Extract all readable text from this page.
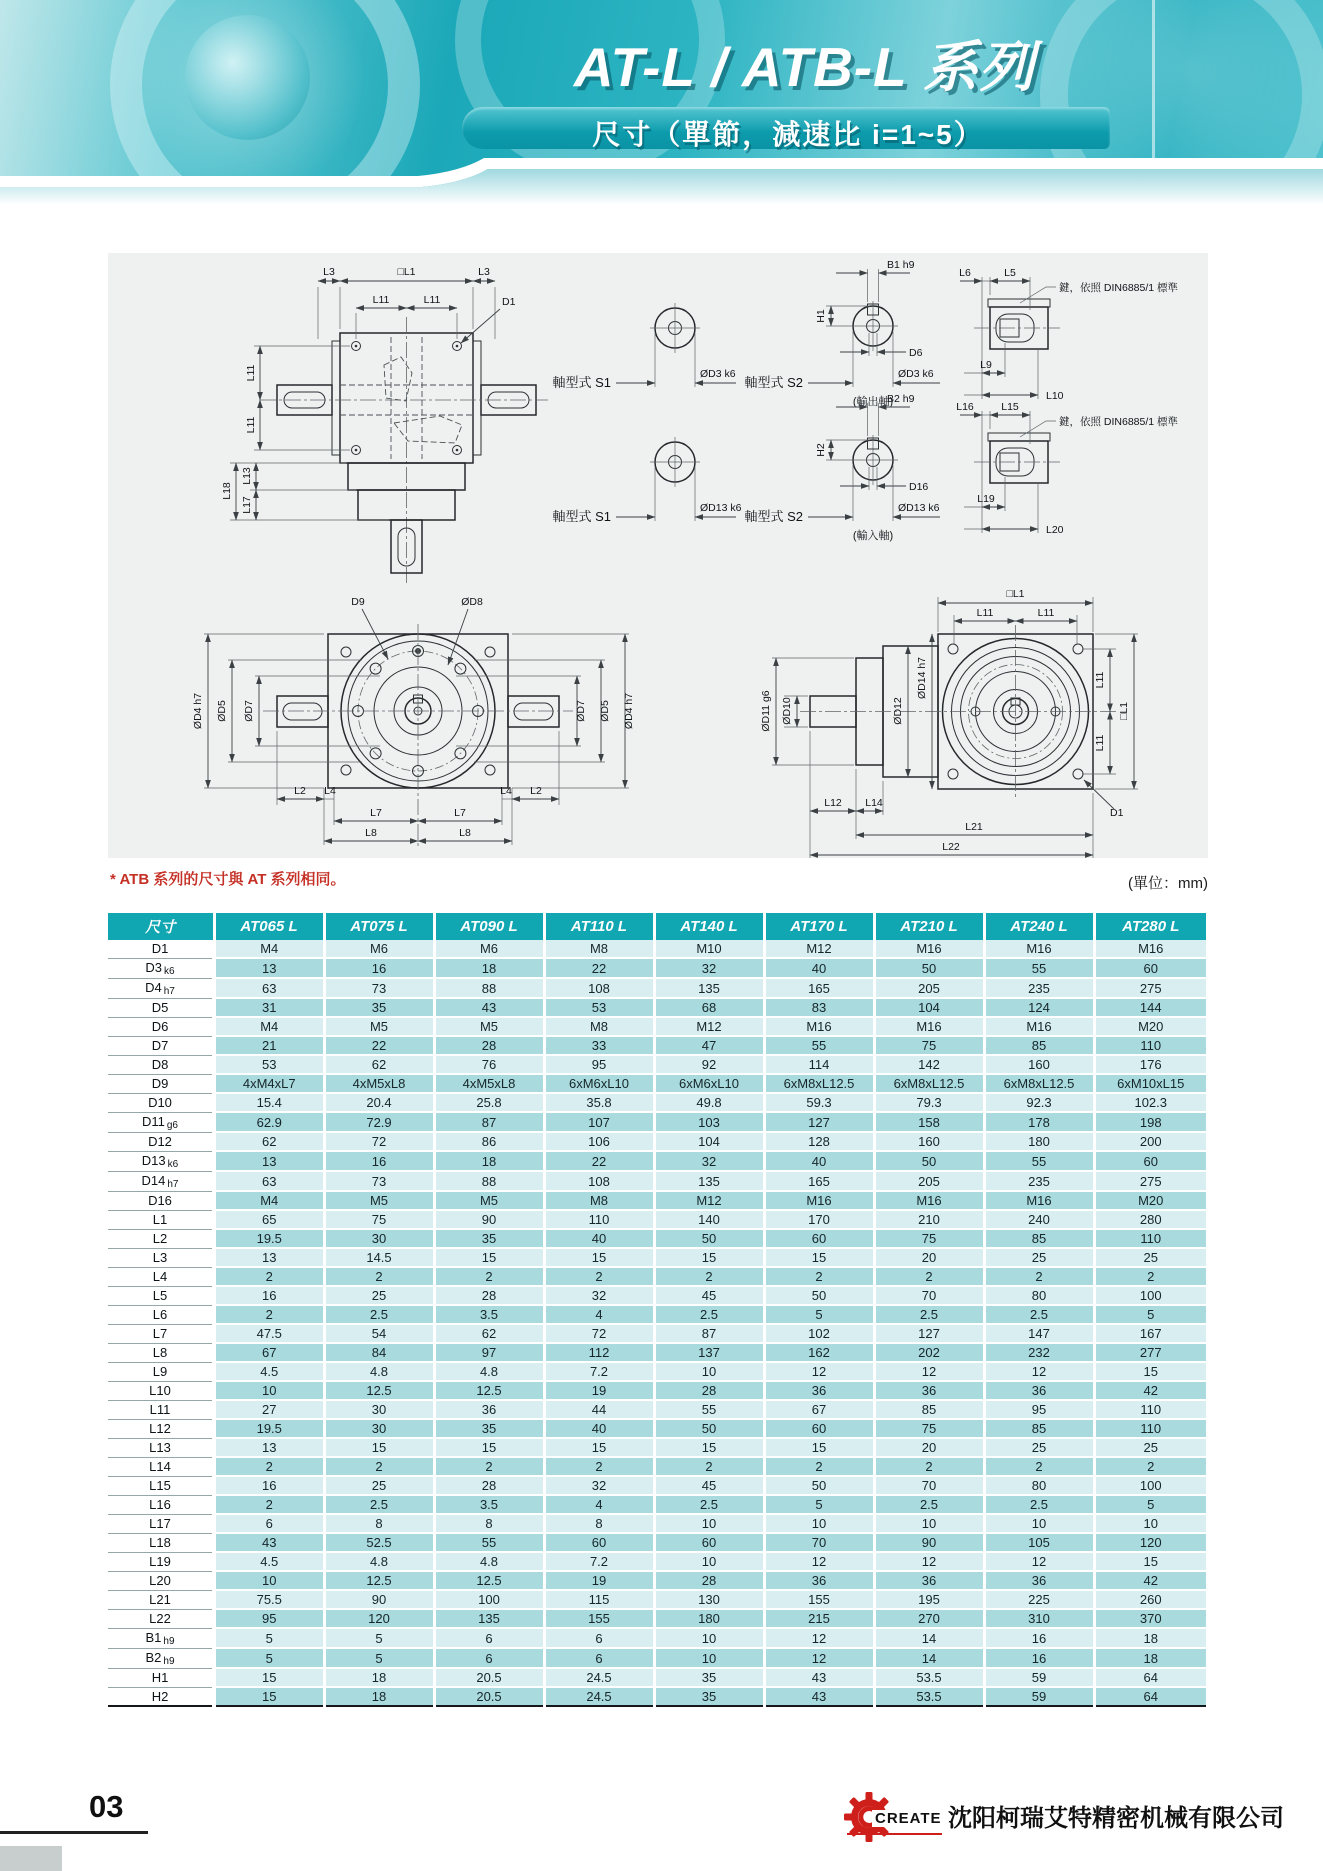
AT-L / ATB-L 系列
尺寸（單節，減速比 i=1~5）
L3	□L1	L3
L11	L11	D1
L11
L11
L18
L13
L17
軸型式 S1
ØD3 k6
B1 h9
H1
D6
軸型式 S2
ØD3 k6
(輸出軸)
L6	L5
鍵，依照 DIN6885/1 標準
L9
L10
軸型式 S1
ØD13 k6
B2 h9
H2
D16
軸型式 S2
ØD13 k6
(輸入軸)
L16	L15
鍵，依照 DIN6885/1 標準
L19
L20
D9	ØD8
ØD4 h7 ØD5 ØD7	ØD7 ØD5 ØD4 h7
L2 L4	L4 L2
L7	L7
L8	L8
□L1
L11	L11
ØD14 h7
ØD11 g6 ØD10	ØD12
L11
L11
□L1
D1
L12 L14
L21
L22
* ATB 系列的尺寸與 AT 系列相同。	(單位：mm)
尺寸	AT065 L	AT075 L	AT090 L	AT110 L	AT140 L	AT170 L	AT210 L	AT240 L	AT280 L
D1	M4	M6	M6	M8	M10	M12	M16	M16	M16
D3 k6	13	16	18	22	32	40	50	55	60
D4 h7	63	73	88	108	135	165	205	235	275
D5	31	35	43	53	68	83	104	124	144
D6	M4	M5	M5	M8	M12	M16	M16	M16	M20
D7	21	22	28	33	47	55	75	85	110
D8	53	62	76	95	92	114	142	160	176
D9	4xM4xL7	4xM5xL8	4xM5xL8	6xM6xL10	6xM6xL10	6xM8xL12.5	6xM8xL12.5	6xM8xL12.5	6xM10xL15
D10	15.4	20.4	25.8	35.8	49.8	59.3	79.3	92.3	102.3
D11 g6	62.9	72.9	87	107	103	127	158	178	198
D12	62	72	86	106	104	128	160	180	200
D13 k6	13	16	18	22	32	40	50	55	60
D14 h7	63	73	88	108	135	165	205	235	275
D16	M4	M5	M5	M8	M12	M16	M16	M16	M20
L1	65	75	90	110	140	170	210	240	280
L2	19.5	30	35	40	50	60	75	85	110
L3	13	14.5	15	15	15	15	20	25	25
L4	2	2	2	2	2	2	2	2	2
L5	16	25	28	32	45	50	70	80	100
L6	2	2.5	3.5	4	2.5	5	2.5	2.5	5
L7	47.5	54	62	72	87	102	127	147	167
L8	67	84	97	112	137	162	202	232	277
L9	4.5	4.8	4.8	7.2	10	12	12	12	15
L10	10	12.5	12.5	19	28	36	36	36	42
L11	27	30	36	44	55	67	85	95	110
L12	19.5	30	35	40	50	60	75	85	110
L13	13	15	15	15	15	15	20	25	25
L14	2	2	2	2	2	2	2	2	2
L15	16	25	28	32	45	50	70	80	100
L16	2	2.5	3.5	4	2.5	5	2.5	2.5	5
L17	6	8	8	8	10	10	10	10	10
L18	43	52.5	55	60	60	70	90	105	120
L19	4.5	4.8	4.8	7.2	10	12	12	12	15
L20	10	12.5	12.5	19	28	36	36	36	42
L21	75.5	90	100	115	130	155	195	225	260
L22	95	120	135	155	180	215	270	310	370
B1 h9	5	5	6	6	10	12	14	16	18
B2 h9	5	5	6	6	10	12	14	16	18
H1	15	18	20.5	24.5	35	43	53.5	59	64
H2	15	18	20.5	24.5	35	43	53.5	59	64
03	CREATE 沈阳柯瑞艾特精密机械有限公司
